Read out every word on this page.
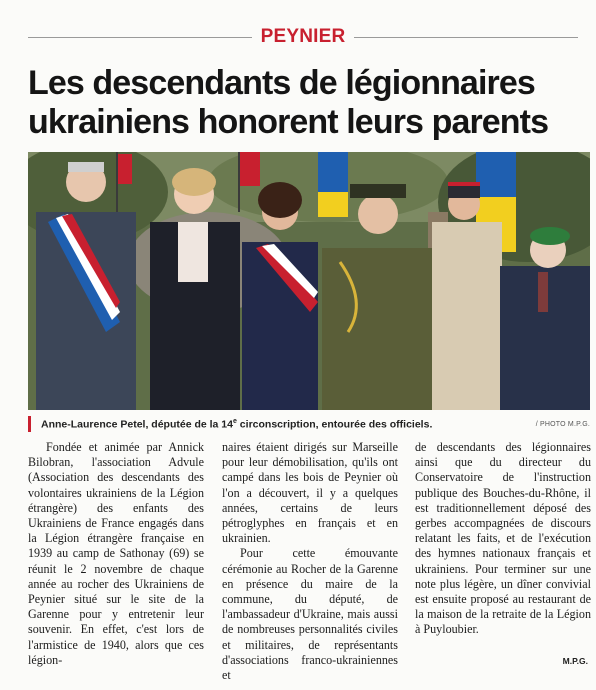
PEYNIER
Les descendants de légionnaires ukrainiens honorent leurs parents
Anne-Laurence Petel, députée de la 14e circonscription, entourée des officiels.	/ PHOTO M.P.G.

Fondée et animée par Annick Bilobran, l'association Advule (Association des descendants des volontaires ukrainiens de la Légion étrangère) des enfants des Ukrainiens de France engagés dans la Légion étrangère française en 1939 au camp de Sathonay (69) se réunit le 2 novembre de chaque année au rocher des Ukrainiens de Peynier situé sur le site de la Garenne pour y entretenir leur souvenir. En effet, c'est lors de l'armistice de 1940, alors que ces légion-

naires étaient dirigés sur Marseille pour leur démobilisation, qu'ils ont campé dans les bois de Peynier où l'on a découvert, il y a quelques années, certains de leurs pétroglyphes en français et en ukrainien.

Pour cette émouvante cérémonie au Rocher de la Garenne en présence du maire de la commune, du député, de l'ambassadeur d'Ukraine, mais aussi de nombreuses personnalités civiles et militaires, de représentants d'associations franco-ukrainiennes et

de descendants des légionnaires ainsi que du directeur du Conservatoire de l'instruction publique des Bouches-du-Rhône, il est traditionnellement déposé des gerbes accompagnées de discours relatant les faits, et de l'exécution des hymnes nationaux français et ukrainiens. Pour terminer sur une note plus légère, un dîner convivial est ensuite proposé au restaurant de la maison de la retraite de la Légion à Puyloubier.

M.P.G.
